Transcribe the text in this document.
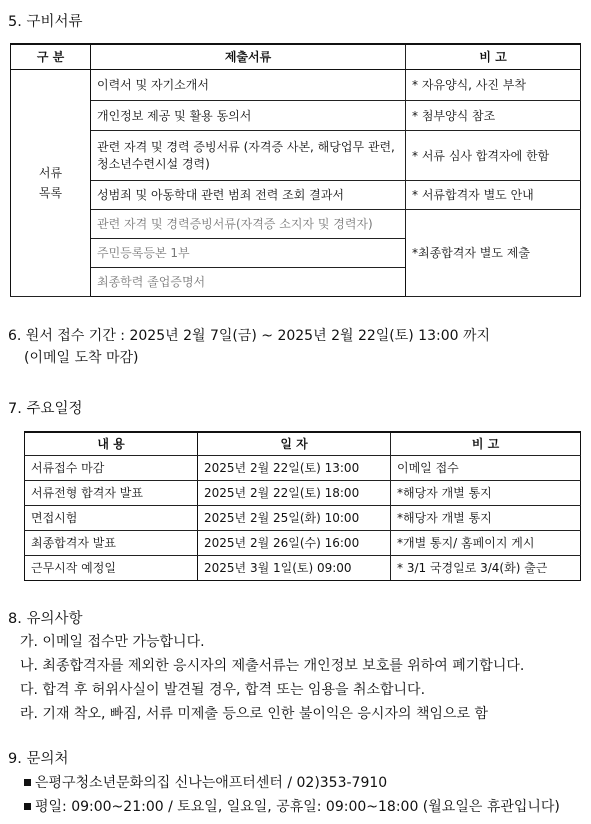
5. 구비서류
구 분	제출서류	비 고

서류
목록	이력서 및 자기소개서	* 자유양식, 사진 부착
	개인정보 제공 및 활용 동의서	* 첨부양식 참조
	관련 자격 및 경력 증빙서류 (자격증 사본, 해당업무 관련, 청소년수련시설 경력)	* 서류 심사 합격자에 한함
	성범죄 및 아동학대 관련 범죄 전력 조회 결과서	* 서류합격자 별도 안내
	관련 자격 및 경력증빙서류(자격증 소지자 및 경력자)	*최종합격자 별도 제출
	주민등록등본 1부	
	최종학력 졸업증명서	
6. 원서 접수 기간 : 2025년 2월 7일(금) ~ 2025년 2월 22일(토) 13:00 까지
(이메일 도착 마감)
7. 주요일정
내 용	일 자	비 고
서류접수 마감	2025년 2월 22일(토) 13:00	이메일 접수
서류전형 합격자 발표	2025년 2월 22일(토) 18:00	*해당자 개별 통지
면접시험	2025년 2월 25일(화) 10:00	*해당자 개별 통지
최종합격자 발표	2025년 2월 26일(수) 16:00	*개별 통지/ 홈페이지 게시
근무시작 예정일	2025년 3월 1일(토) 09:00	* 3/1 국경일로 3/4(화) 출근
8. 유의사항
가. 이메일 접수만 가능합니다.
나. 최종합격자를 제외한 응시자의 제출서류는 개인정보 보호를 위하여 폐기합니다.
다. 합격 후 허위사실이 발견될 경우, 합격 또는 임용을 취소합니다.
라. 기재 착오, 빠짐, 서류 미제출 등으로 인한 불이익은 응시자의 책임으로 함
9. 문의처
은평구청소년문화의집 신나는애프터센터 / 02)353-7910
평일: 09:00~21:00 / 토요일, 일요일, 공휴일: 09:00~18:00 (월요일은 휴관입니다)
